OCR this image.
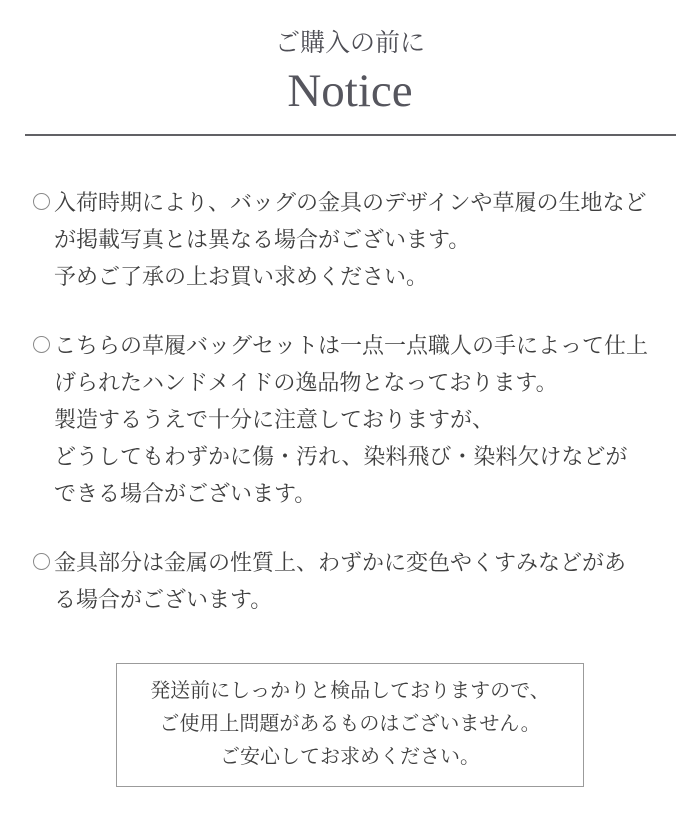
ご購入の前に
Notice
入荷時期により、バッグの金具のデザインや草履の生地など
が掲載写真とは異なる場合がございます。
予めご了承の上お買い求めください。
こちらの草履バッグセットは一点一点職人の手によって仕上
げられたハンドメイドの逸品物となっております。
製造するうえで十分に注意しておりますが、
どうしてもわずかに傷・汚れ、染料飛び・染料欠けなどが
できる場合がございます。
金具部分は金属の性質上、わずかに変色やくすみなどがあ
る場合がございます。
発送前にしっかりと検品しておりますので、
ご使用上問題があるものはございません。
ご安心してお求めください。
